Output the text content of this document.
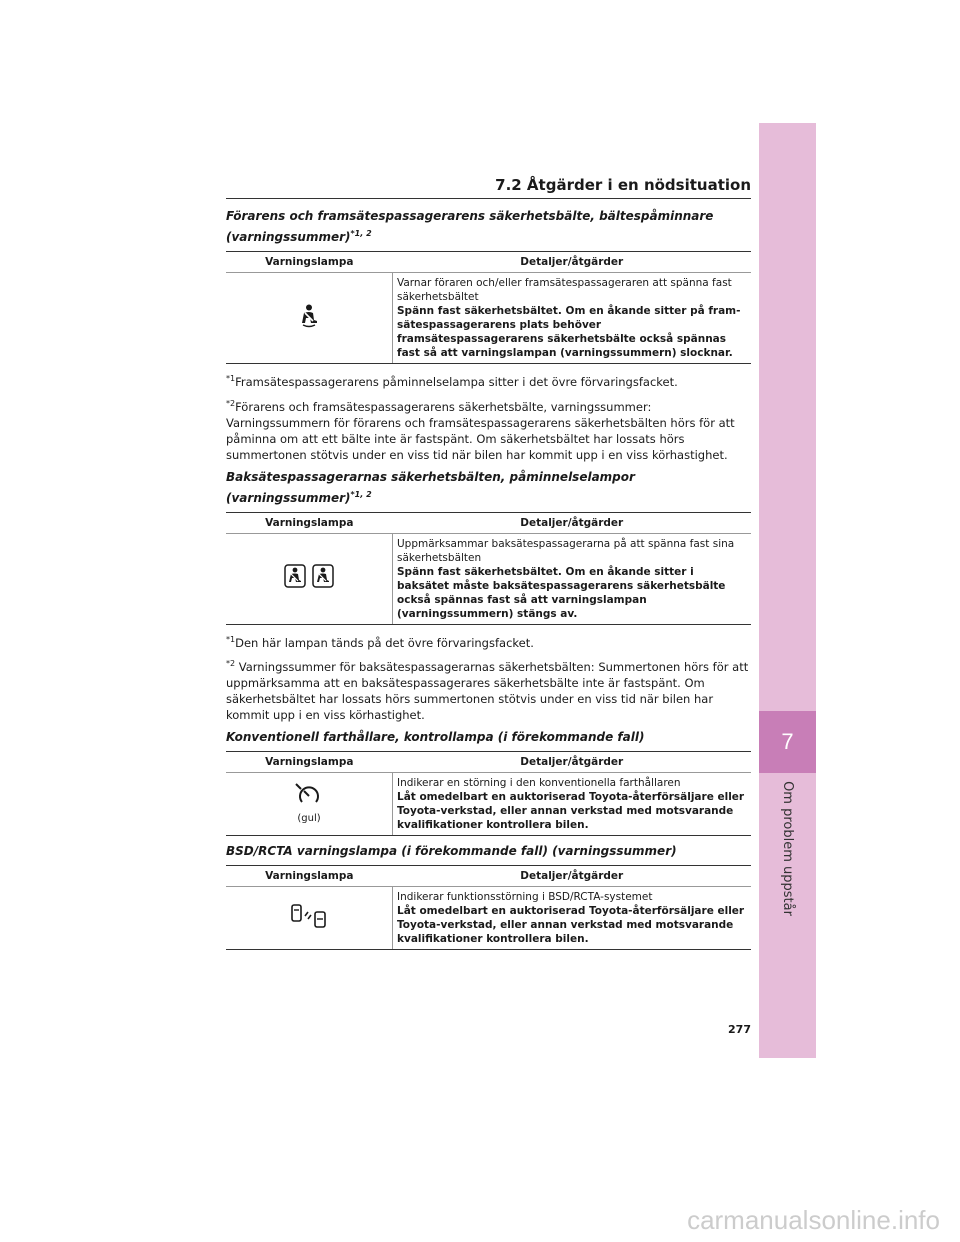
7
Om problem uppstår
7.2 Åtgärder i en nödsituation

Förarens och framsätespassagerarens säkerhetsbälte, bältespåminnare (varningssummer)$^{*1, 2}$

Varningslampa	Detaljer/åtgärder

Varnar föraren och/eller framsätespassageraren att spänna fast säkerhetsbältet
Spänn fast säkerhetsbältet. Om en åkande sitter på fram-sätespassagerarens plats behöver framsätespassagerarens säkerhetsbälte också spännas fast så att varningslampan (varningssummern) slocknar.

$^{*1}$Framsätespassagerarens påminnelselampa sitter i det övre förvaringsfacket.

$^{*2}$Förarens och framsätespassagerarens säkerhetsbälte, varningssummer: Varningssummern för förarens och framsätespassagerarens säkerhetsbälten hörs för att påminna om att ett bälte inte är fastspänt. Om säkerhetsbältet har lossats hörs summertonen stötvis under en viss tid när bilen har kommit upp i en viss körhastighet.

Baksätespassagerarnas säkerhetsbälten, påminnelselampor (varningssummer)$^{*1, 2}$

Varningslampa	Detaljer/åtgärder

Uppmärksammar baksätespassagerarna på att spänna fast sina säkerhetsbälten
Spänn fast säkerhetsbältet. Om en åkande sitter i baksätet måste baksätespassagerarens säkerhetsbälte också spännas fast så att varningslampan (varningssummern) stängs av.

$^{*1}$Den här lampan tänds på det övre förvaringsfacket.

$^{*2}$ Varningssummer för baksätespassagerarnas säkerhetsbälten: Summertonen hörs för att uppmärksamma att en baksätespassagerares säkerhetsbälte inte är fastspänt. Om säkerhetsbältet har lossats hörs summertonen stötvis under en viss tid när bilen har kommit upp i en viss körhastighet.

Konventionell farthållare, kontrollampa (i förekommande fall)

Varningslampa	Detaljer/åtgärder

(gul)	Indikerar en störning i den konventionella farthållaren
Låt omedelbart en auktoriserad Toyota-återförsäljare eller Toyota-verkstad, eller annan verkstad med motsvarande kvalifikationer kontrollera bilen.

BSD/RCTA varningslampa (i förekommande fall) (varningssummer)

Varningslampa	Detaljer/åtgärder

Indikerar funktionsstörning i BSD/RCTA-systemet
Låt omedelbart en auktoriserad Toyota-återförsäljare eller Toyota-verkstad, eller annan verkstad med motsvarande kvalifikationer kontrollera bilen.
277
carmanualsonline.info
